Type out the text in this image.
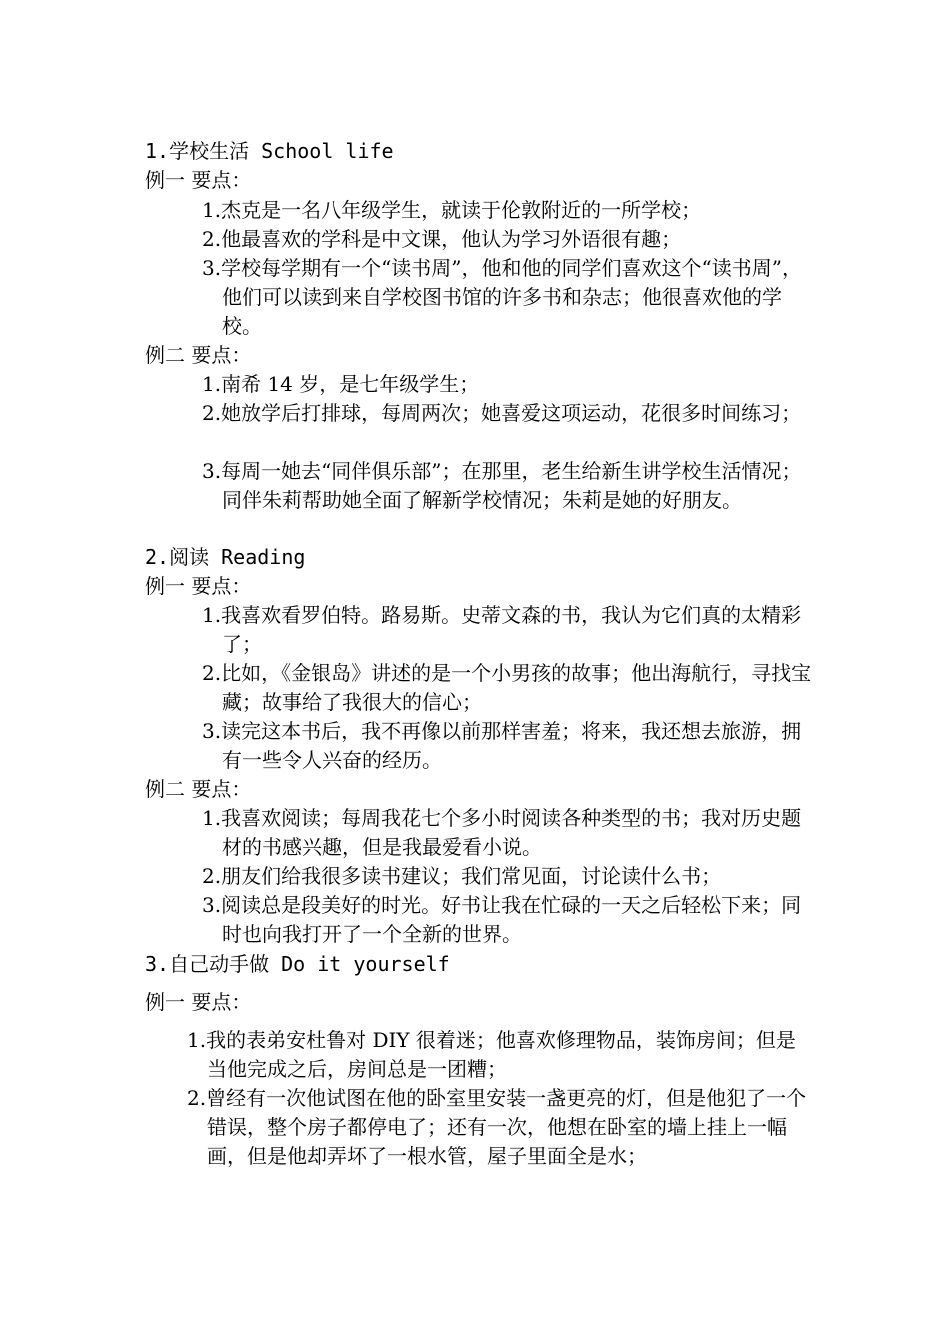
1.学校生活 School life
例一 要点：

1.杰克是一名八年级学生，就读于伦敦附近的一所学校；

2.他最喜欢的学科是中文课，他认为学习外语很有趣；

3.学校每学期有一个“读书周”，他和他的同学们喜欢这个“读书周”，他们可以读到来自学校图书馆的许多书和杂志；他很喜欢他的学校。

例二 要点：

1.南希 14 岁，是七年级学生；

2.她放学后打排球，每周两次；她喜爱这项运动，花很多时间练习；

3.每周一她去“同伴俱乐部”；在那里，老生给新生讲学校生活情况；同伴朱莉帮助她全面了解新学校情况；朱莉是她的好朋友。

2.阅读 Reading
例一 要点：

1.我喜欢看罗伯特。路易斯。史蒂文森的书，我认为它们真的太精彩了；

2.比如，《金银岛》讲述的是一个小男孩的故事；他出海航行，寻找宝藏；故事给了我很大的信心；

3.读完这本书后，我不再像以前那样害羞；将来，我还想去旅游，拥有一些令人兴奋的经历。

例二 要点：

1.我喜欢阅读；每周我花七个多小时阅读各种类型的书；我对历史题材的书感兴趣，但是我最爱看小说。

2.朋友们给我很多读书建议；我们常见面，讨论读什么书；

3.阅读总是段美好的时光。好书让我在忙碌的一天之后轻松下来；同时也向我打开了一个全新的世界。

3.自己动手做 Do it yourself
例一 要点：

1.我的表弟安杜鲁对 DIY 很着迷；他喜欢修理物品，装饰房间；但是当他完成之后，房间总是一团糟；

2.曾经有一次他试图在他的卧室里安装一盏更亮的灯，但是他犯了一个错误，整个房子都停电了；还有一次，他想在卧室的墙上挂上一幅画，但是他却弄坏了一根水管，屋子里面全是水；
